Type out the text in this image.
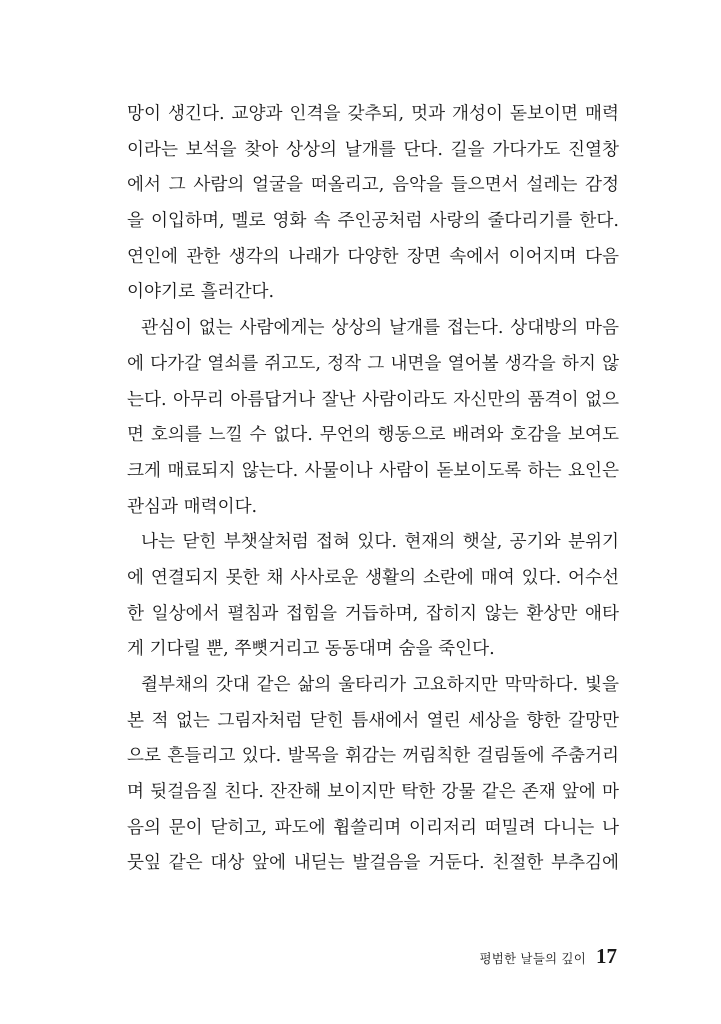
망이 생긴다. 교양과 인격을 갖추되, 멋과 개성이 돋보이면 매력
이라는 보석을 찾아 상상의 날개를 단다. 길을 가다가도 진열창
에서 그 사람의 얼굴을 떠올리고, 음악을 들으면서 설레는 감정
을 이입하며, 멜로 영화 속 주인공처럼 사랑의 줄다리기를 한다.
연인에 관한 생각의 나래가 다양한 장면 속에서 이어지며 다음
이야기로 흘러간다.
관심이 없는 사람에게는 상상의 날개를 접는다. 상대방의 마음
에 다가갈 열쇠를 쥐고도, 정작 그 내면을 열어볼 생각을 하지 않
는다. 아무리 아름답거나 잘난 사람이라도 자신만의 품격이 없으
면 호의를 느낄 수 없다. 무언의 행동으로 배려와 호감을 보여도
크게 매료되지 않는다. 사물이나 사람이 돋보이도록 하는 요인은
관심과 매력이다.
나는 닫힌 부챗살처럼 접혀 있다. 현재의 햇살, 공기와 분위기
에 연결되지 못한 채 사사로운 생활의 소란에 매여 있다. 어수선
한 일상에서 펼침과 접힘을 거듭하며, 잡히지 않는 환상만 애타
게 기다릴 뿐, 쭈뼛거리고 동동대며 숨을 죽인다.
쥘부채의 갓대 같은 삶의 울타리가 고요하지만 막막하다. 빛을
본 적 없는 그림자처럼 닫힌 틈새에서 열린 세상을 향한 갈망만
으로 흔들리고 있다. 발목을 휘감는 꺼림칙한 걸림돌에 주춤거리
며 뒷걸음질 친다. 잔잔해 보이지만 탁한 강물 같은 존재 앞에 마
음의 문이 닫히고, 파도에 휩쓸리며 이리저리 떠밀려 다니는 나
뭇잎 같은 대상 앞에 내딛는 발걸음을 거둔다. 친절한 부추김에
평범한 날들의 깊이 17
